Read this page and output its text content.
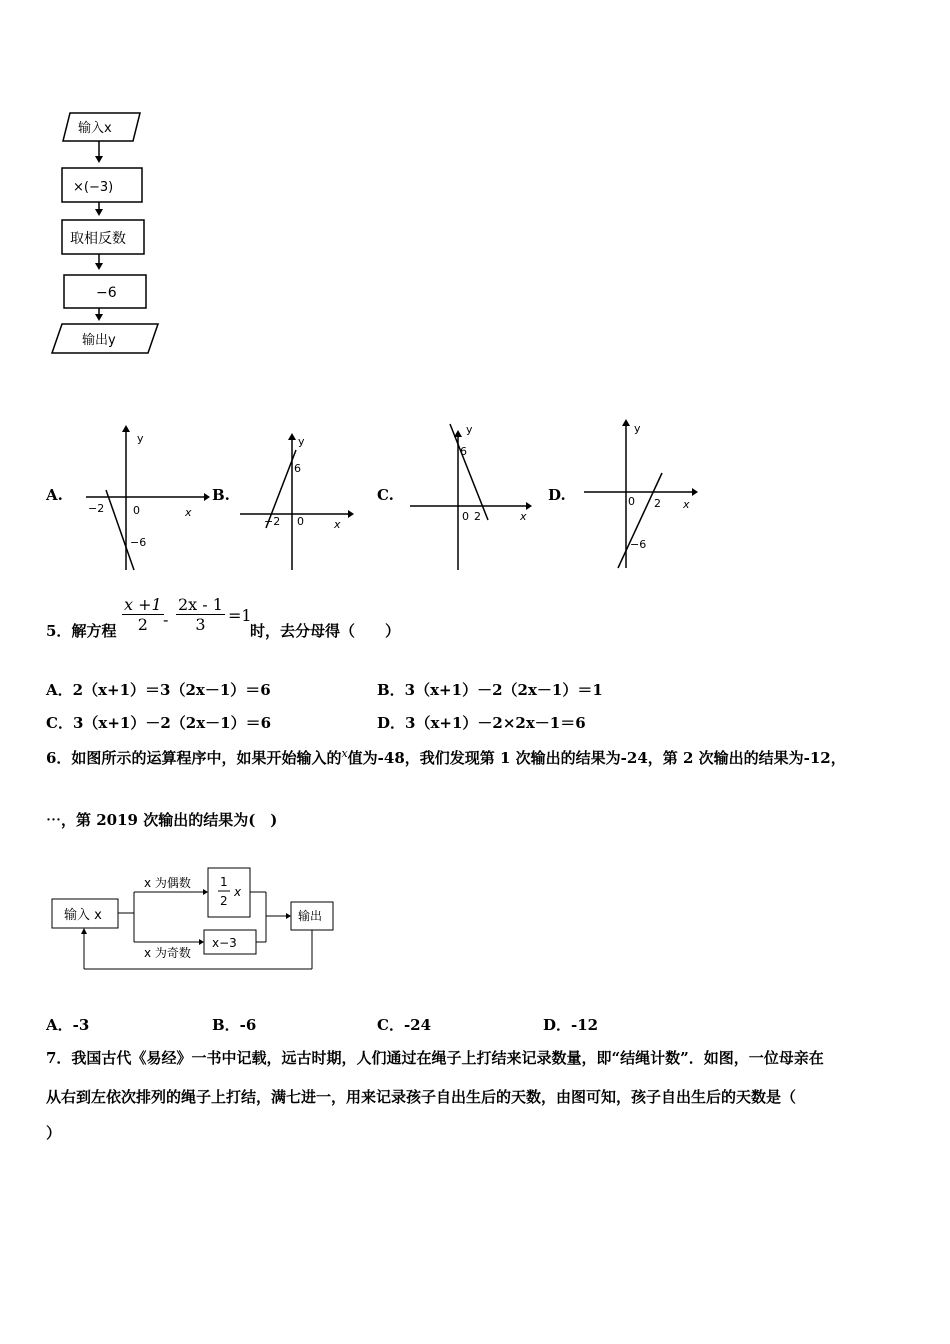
输入x
×(−3)
取相反数
−6
输出y
A.
y
x
0
−2
−6
B.
y
x
0
−2
6
C.
y
x
0 2
6
D.
y
x
0 2
−6
5．解方程 $\frac{x +1}{2} - \frac{2x - 1}{3} =1$
时，去分母得（　　）
A．2（x+1）＝3（2x－1）＝6	B．3（x+1）－2（2x－1）＝1
C．3（x+1）－2（2x－1）＝6	D．3（x+1）－2×2x－1＝6
6．如图所示的运算程序中，如果开始输入的$^x$值为-48，我们发现第 1 次输出的结果为-24，第 2 次输出的结果为-12，
⋯，第 2019 次输出的结果为(　)
输入 x
x 为偶数
x 为奇数
1
2
x
x−3
输出
A．-3	B．-6	C．-24	D．-12
7．我国古代《易经》一书中记载，远古时期，人们通过在绳子上打结来记录数量，即“结绳计数”．如图，一位母亲在
从右到左依次排列的绳子上打结，满七进一，用来记录孩子自出生后的天数，由图可知，孩子自出生后的天数是（
）
